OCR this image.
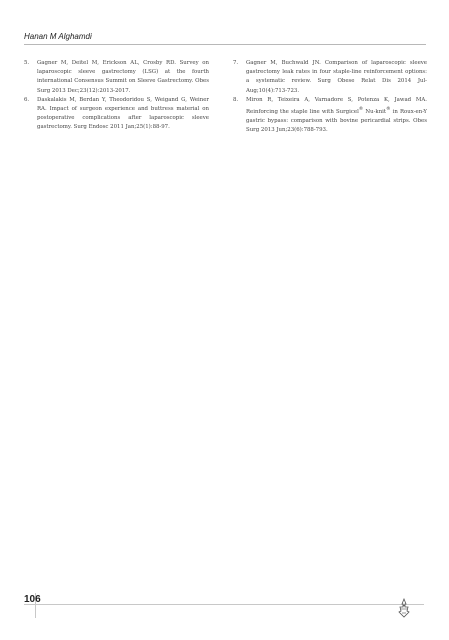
Hanan M Alghamdi

5. Gagner M, Deitel M, Erickson AL, Crosby RD. Survey on laparoscopic sleeve gastrectomy (LSG) at the fourth international Consensus Summit on Sleeve Gastrectomy. Obes Surg 2013 Dec;23(12):2013-2017.

6. Daskalakis M, Berdan Y, Theodoridou S, Weigand G, Weiner RA. Impact of surgeon experience and buttress material on postoperative complications after laparoscopic sleeve gastrectomy. Surg Endosc 2011 Jan;25(1):88-97.

7. Gagner M, Buchwald JN. Comparison of laparoscopic sleeve gastrectomy leak rates in four staple-line reinforcement options: a systematic review. Surg Obese Relat Dis 2014 Jul-Aug;10(4):713-723.

8. Miron R, Teixeira A, Varnadore S, Potenza K, Jawad MA. Reinforcing the staple line with Surgicel® Nu-knit® in Roux-en-Y gastric bypass: comparison with bovine pericardial strips. Obes Surg 2013 Jun;23(6):788-793.

106
